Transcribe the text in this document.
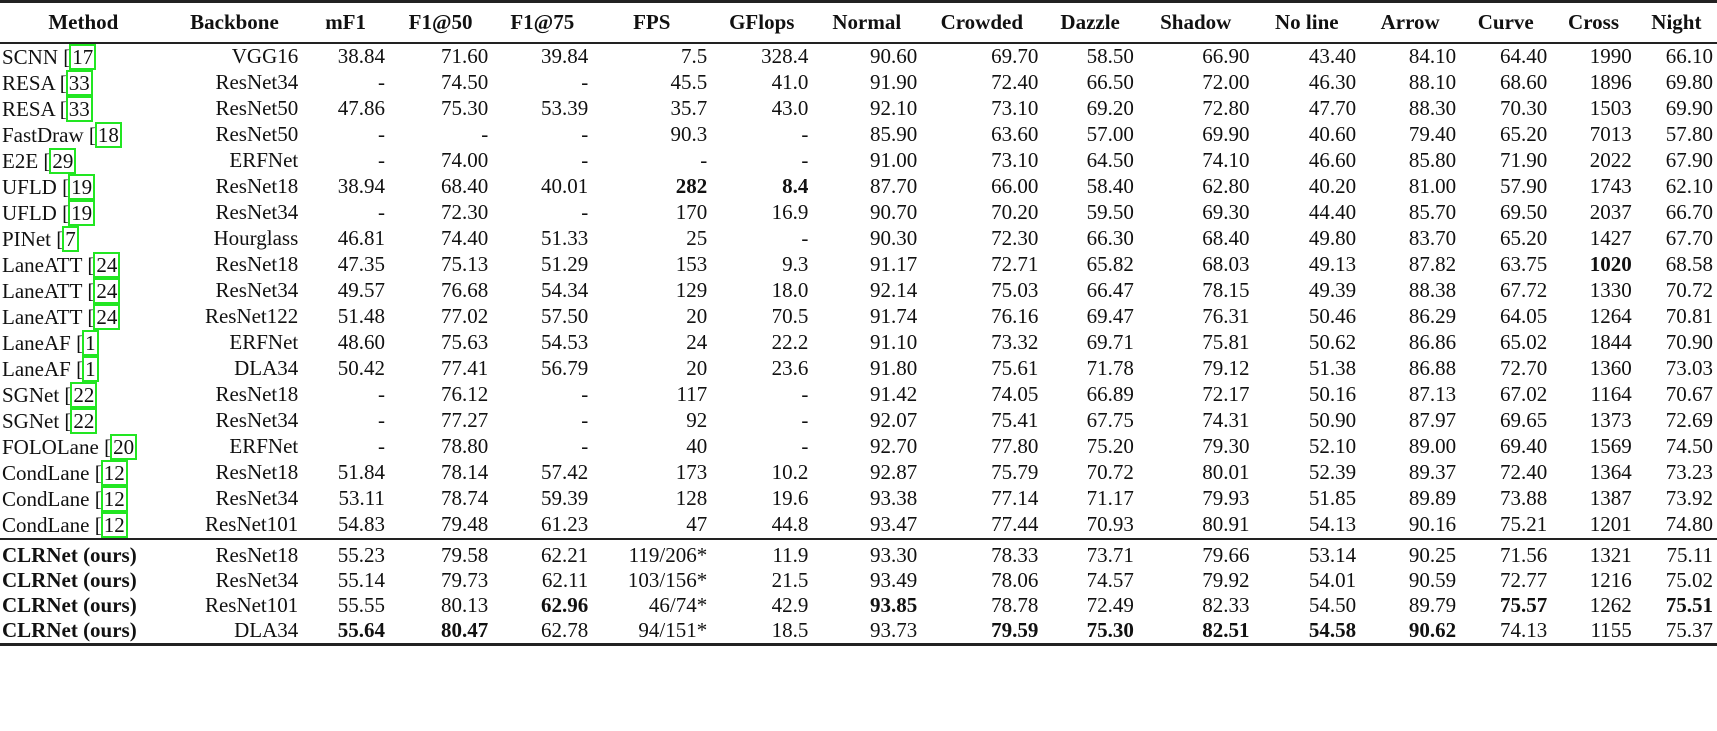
Method	Backbone	mF1	F1@50	F1@75	FPS	GFlops	Normal	Crowded	Dazzle	Shadow	No line	Arrow	Curve	Cross	Night
SCNN [17	VGG16	38.84	71.60	39.84	7.5	328.4	90.60	69.70	58.50	66.90	43.40	84.10	64.40	1990	66.10
RESA [33	ResNet34	-	74.50	-	45.5	41.0	91.90	72.40	66.50	72.00	46.30	88.10	68.60	1896	69.80
RESA [33	ResNet50	47.86	75.30	53.39	35.7	43.0	92.10	73.10	69.20	72.80	47.70	88.30	70.30	1503	69.90
FastDraw [18	ResNet50	-	-	-	90.3	-	85.90	63.60	57.00	69.90	40.60	79.40	65.20	7013	57.80
E2E [29	ERFNet	-	74.00	-	-	-	91.00	73.10	64.50	74.10	46.60	85.80	71.90	2022	67.90
UFLD [19	ResNet18	38.94	68.40	40.01	282	8.4	87.70	66.00	58.40	62.80	40.20	81.00	57.90	1743	62.10
UFLD [19	ResNet34	-	72.30	-	170	16.9	90.70	70.20	59.50	69.30	44.40	85.70	69.50	2037	66.70
PINet [7	Hourglass	46.81	74.40	51.33	25	-	90.30	72.30	66.30	68.40	49.80	83.70	65.20	1427	67.70
LaneATT [24	ResNet18	47.35	75.13	51.29	153	9.3	91.17	72.71	65.82	68.03	49.13	87.82	63.75	1020	68.58
LaneATT [24	ResNet34	49.57	76.68	54.34	129	18.0	92.14	75.03	66.47	78.15	49.39	88.38	67.72	1330	70.72
LaneATT [24	ResNet122	51.48	77.02	57.50	20	70.5	91.74	76.16	69.47	76.31	50.46	86.29	64.05	1264	70.81
LaneAF [1	ERFNet	48.60	75.63	54.53	24	22.2	91.10	73.32	69.71	75.81	50.62	86.86	65.02	1844	70.90
LaneAF [1	DLA34	50.42	77.41	56.79	20	23.6	91.80	75.61	71.78	79.12	51.38	86.88	72.70	1360	73.03
SGNet [22	ResNet18	-	76.12	-	117	-	91.42	74.05	66.89	72.17	50.16	87.13	67.02	1164	70.67
SGNet [22	ResNet34	-	77.27	-	92	-	92.07	75.41	67.75	74.31	50.90	87.97	69.65	1373	72.69
FOLOLane [20	ERFNet	-	78.80	-	40	-	92.70	77.80	75.20	79.30	52.10	89.00	69.40	1569	74.50
CondLane [12	ResNet18	51.84	78.14	57.42	173	10.2	92.87	75.79	70.72	80.01	52.39	89.37	72.40	1364	73.23
CondLane [12	ResNet34	53.11	78.74	59.39	128	19.6	93.38	77.14	71.17	79.93	51.85	89.89	73.88	1387	73.92
CondLane [12	ResNet101	54.83	79.48	61.23	47	44.8	93.47	77.44	70.93	80.91	54.13	90.16	75.21	1201	74.80
CLRNet (ours)	ResNet18	55.23	79.58	62.21	119/206*	11.9	93.30	78.33	73.71	79.66	53.14	90.25	71.56	1321	75.11
CLRNet (ours)	ResNet34	55.14	79.73	62.11	103/156*	21.5	93.49	78.06	74.57	79.92	54.01	90.59	72.77	1216	75.02
CLRNet (ours)	ResNet101	55.55	80.13	62.96	46/74*	42.9	93.85	78.78	72.49	82.33	54.50	89.79	75.57	1262	75.51
CLRNet (ours)	DLA34	55.64	80.47	62.78	94/151*	18.5	93.73	79.59	75.30	82.51	54.58	90.62	74.13	1155	75.37
